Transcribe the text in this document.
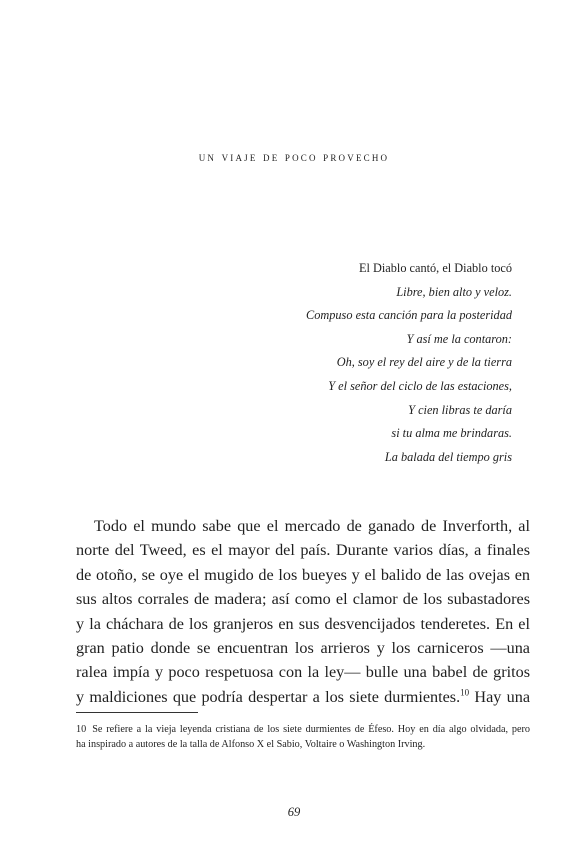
un viaje de poco provecho
El Diablo cantó, el Diablo tocó
Libre, bien alto y veloz.
Compuso esta canción para la posteridad
Y así me la contaron:
Oh, soy el rey del aire y de la tierra
Y el señor del ciclo de las estaciones,
Y cien libras te daría
si tu alma me brindaras.
La balada del tiempo gris
Todo el mundo sabe que el mercado de ganado de Inverforth, al
norte del Tweed, es el mayor del país. Durante varios días, a finales
de otoño, se oye el mugido de los bueyes y el balido de las ovejas en
sus altos corrales de madera; así como el clamor de los subastadores
y la cháchara de los granjeros en sus desvencijados tenderetes. En el
gran patio donde se encuentran los arrieros y los carniceros —una
ralea impía y poco respetuosa con la ley— bulle una babel de gritos
y maldiciones que podría despertar a los siete durmientes.$^{10}$ Hay una
10 Se refiere a la vieja leyenda cristiana de los siete durmientes de Éfeso. Hoy en día algo olvidada, pero
ha inspirado a autores de la talla de Alfonso X el Sabio, Voltaire o Washington Irving.
69
